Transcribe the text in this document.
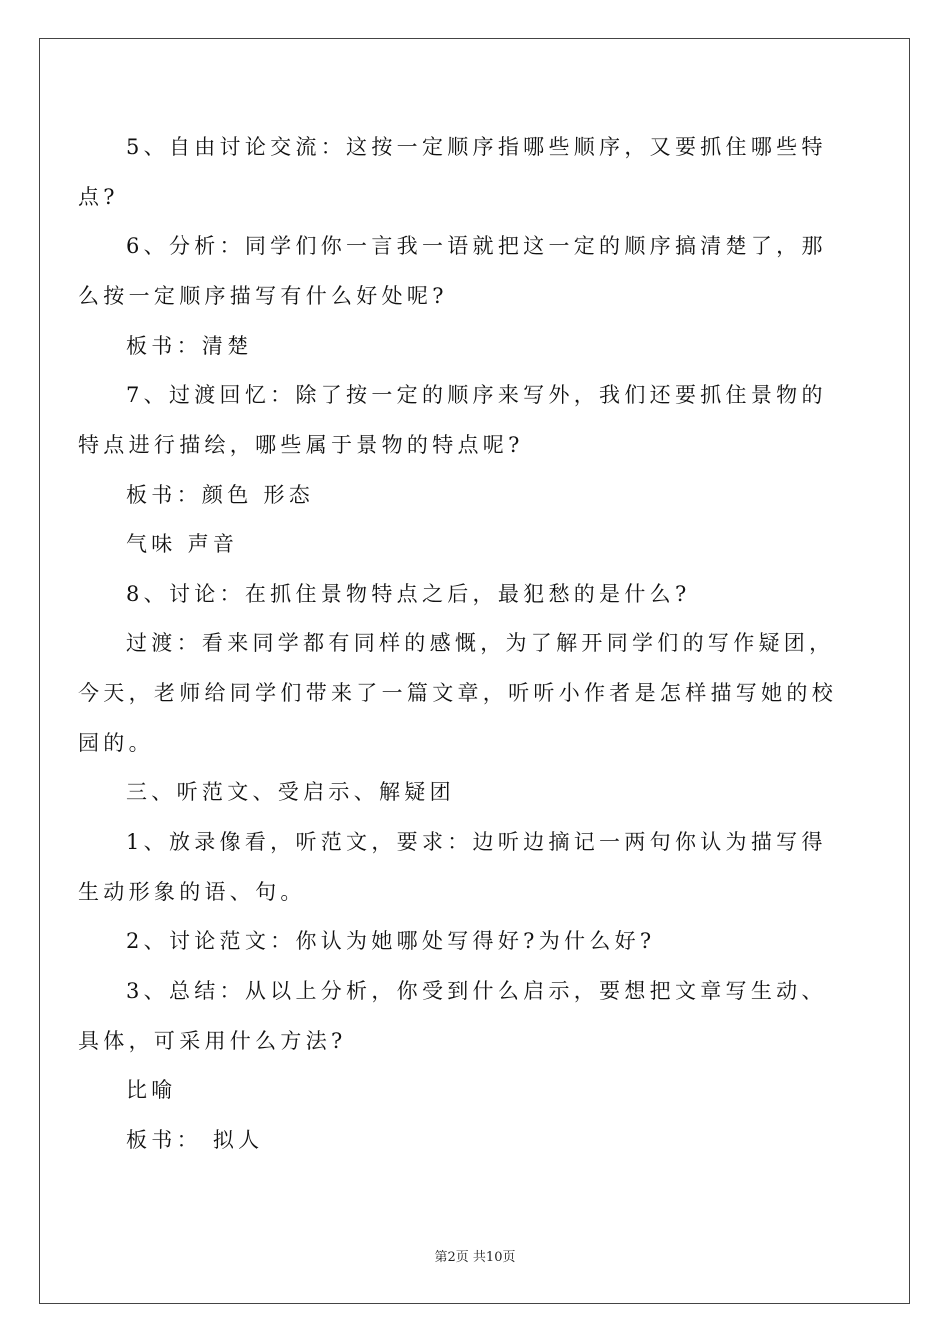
5、自由讨论交流：这按一定顺序指哪些顺序，又要抓住哪些特
点?
6、分析：同学们你一言我一语就把这一定的顺序搞清楚了，那
么按一定顺序描写有什么好处呢?
板书：清楚
7、过渡回忆：除了按一定的顺序来写外，我们还要抓住景物的
特点进行描绘，哪些属于景物的特点呢?
板书：颜色 形态
气味 声音
8、讨论：在抓住景物特点之后，最犯愁的是什么?
过渡：看来同学都有同样的感慨，为了解开同学们的写作疑团，
今天，老师给同学们带来了一篇文章，听听小作者是怎样描写她的校
园的。
三、听范文、受启示、解疑团
1、放录像看，听范文，要求：边听边摘记一两句你认为描写得
生动形象的语、句。
2、讨论范文：你认为她哪处写得好?为什么好?
3、总结：从以上分析，你受到什么启示，要想把文章写生动、
具体，可采用什么方法?
比喻
板书： 拟人
第2页 共10页
